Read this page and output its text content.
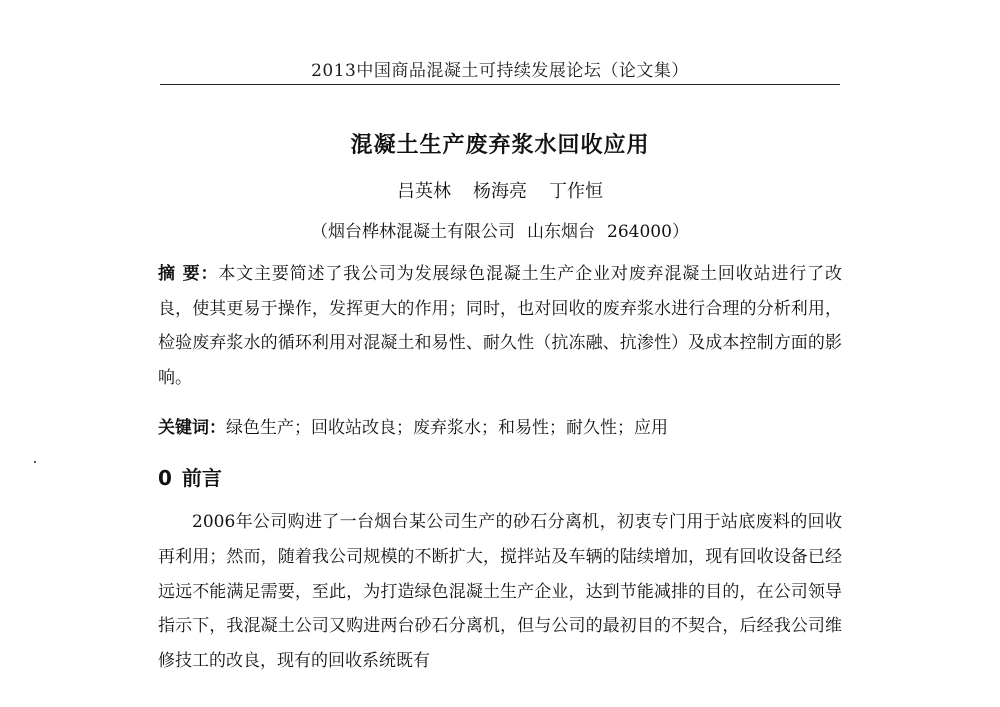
2013中国商品混凝土可持续发展论坛（论文集）
混凝土生产废弃浆水回收应用
吕英林 杨海亮 丁作恒
（烟台桦林混凝土有限公司 山东烟台 264000）
摘 要：本文主要简述了我公司为发展绿色混凝土生产企业对废弃混凝土回收站进行了改良，使其更易于操作，发挥更大的作用；同时，也对回收的废弃浆水进行合理的分析利用，检验废弃浆水的循环利用对混凝土和易性、耐久性（抗冻融、抗渗性）及成本控制方面的影响。
关键词：绿色生产；回收站改良；废弃浆水；和易性；耐久性；应用
0 前言
2006年公司购进了一台烟台某公司生产的砂石分离机，初衷专门用于站底废料的回收再利用；然而，随着我公司规模的不断扩大，搅拌站及车辆的陆续增加，现有回收设备已经远远不能满足需要，至此，为打造绿色混凝土生产企业，达到节能减排的目的，在公司领导指示下，我混凝土公司又购进两台砂石分离机，但与公司的最初目的不契合，后经我公司维修技工的改良，现有的回收系统既有
